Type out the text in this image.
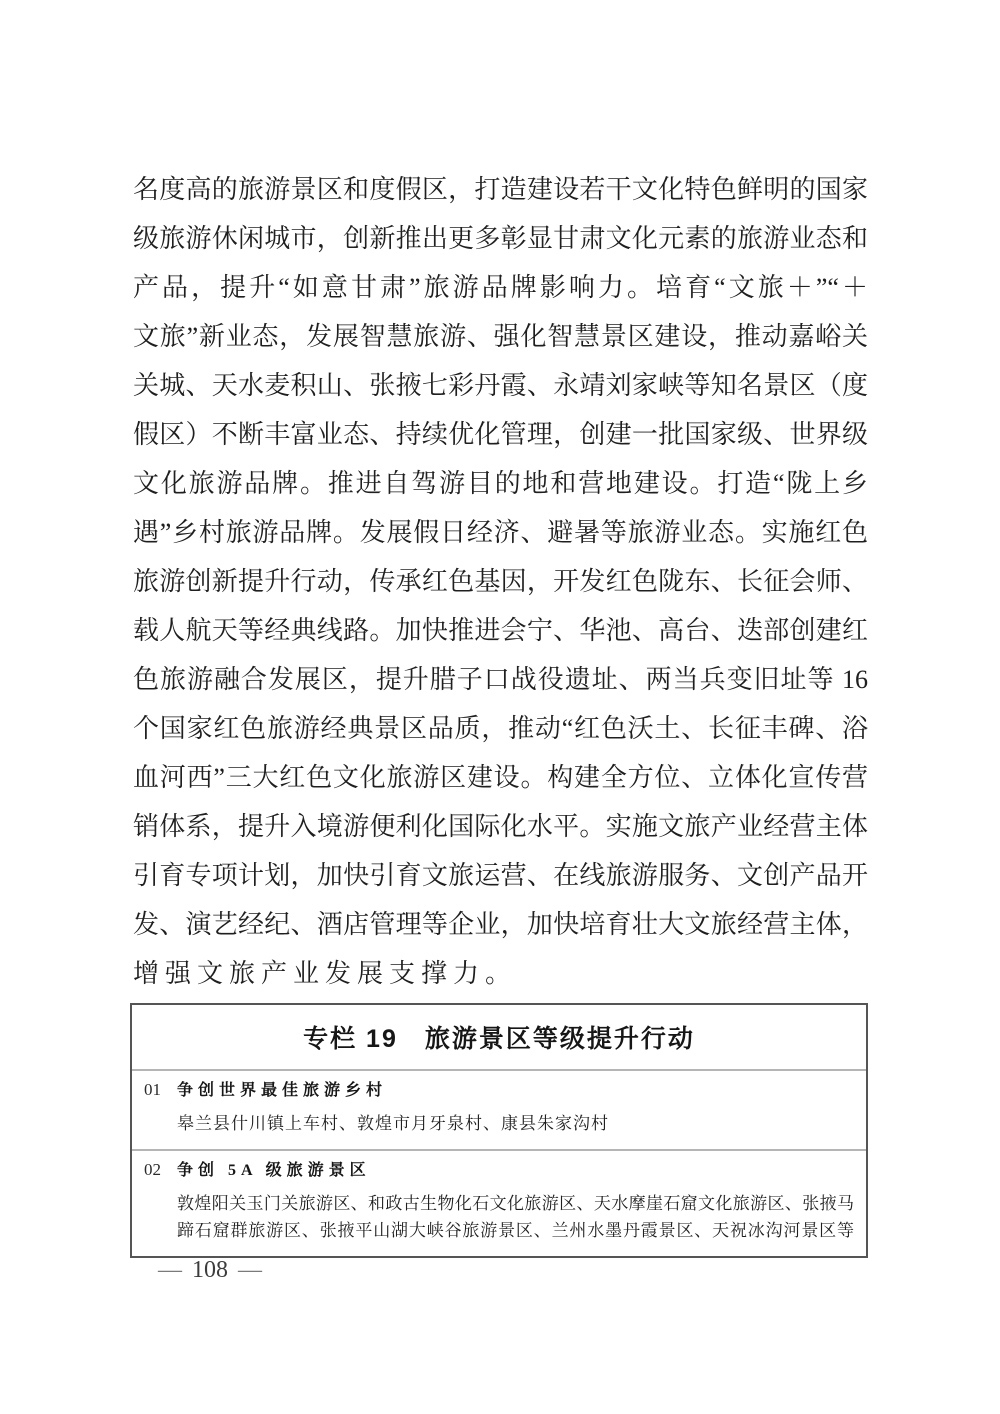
名度高的旅游景区和度假区，打造建设若干文化特色鲜明的国家
级旅游休闲城市，创新推出更多彰显甘肃文化元素的旅游业态和
产品，提升“如意甘肃”旅游品牌影响力。培育“文旅＋”“＋
文旅”新业态，发展智慧旅游、强化智慧景区建设，推动嘉峪关
关城、天水麦积山、张掖七彩丹霞、永靖刘家峡等知名景区（度
假区）不断丰富业态、持续优化管理，创建一批国家级、世界级
文化旅游品牌。推进自驾游目的地和营地建设。打造“陇上乡
遇”乡村旅游品牌。发展假日经济、避暑等旅游业态。实施红色
旅游创新提升行动，传承红色基因，开发红色陇东、长征会师、
载人航天等经典线路。加快推进会宁、华池、高台、迭部创建红
色旅游融合发展区，提升腊子口战役遗址、两当兵变旧址等 16
个国家红色旅游经典景区品质，推动“红色沃土、长征丰碑、浴
血河西”三大红色文化旅游区建设。构建全方位、立体化宣传营
销体系，提升入境游便利化国际化水平。实施文旅产业经营主体
引育专项计划，加快引育文旅运营、在线旅游服务、文创产品开
发、演艺经纪、酒店管理等企业，加快培育壮大文旅经营主体，
增强文旅产业发展支撑力。
专栏 19　旅游景区等级提升行动
01	争创世界最佳旅游乡村
皋兰县什川镇上车村、敦煌市月牙泉村、康县朱家沟村
02	争创 5A 级旅游景区
敦煌阳关玉门关旅游区、和政古生物化石文化旅游区、天水摩崖石窟文化旅游区、张掖马
蹄石窟群旅游区、张掖平山湖大峡谷旅游景区、兰州水墨丹霞景区、天祝冰沟河景区等
— 108 —
